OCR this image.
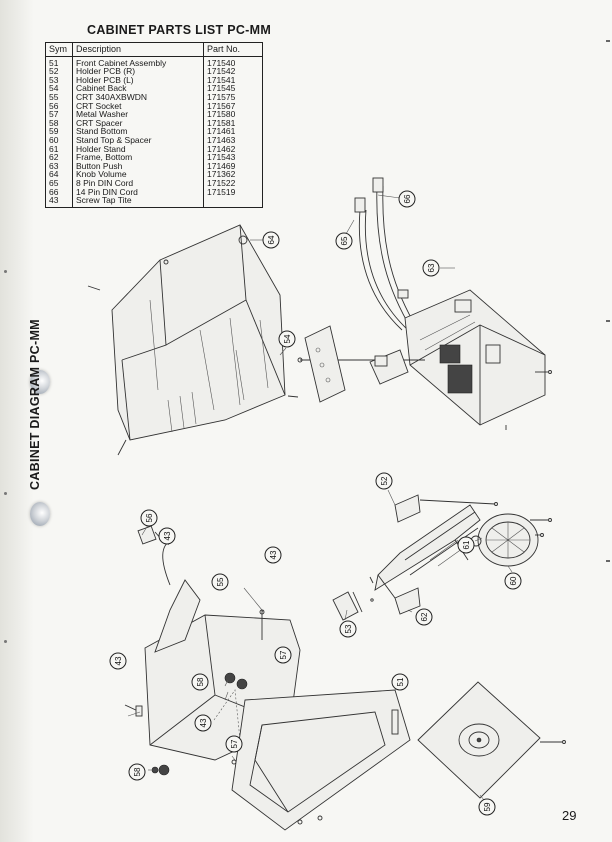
CABINET PARTS LIST PC-MM
Sym	Description	Part No.
51	Front Cabinet Assembly	171540
52	Holder PCB (R)	171542
53	Holder PCB (L)	171541
54	Cabinet Back	171545
55	CRT 340AXBWDN	171575
56	CRT Socket	171567
57	Metal Washer	171580
58	CRT Spacer	171581
59	Stand Bottom	171461
60	Stand Top & Spacer	171463
61	Holder Stand	171462
62	Frame, Bottom	171543
63	Button Push	171469
64	Knob Volume	171362
65	8 Pin DIN Cord	171522
66	14 Pin DIN Cord	171519
43	Screw Tap Tite	
CABINET DIAGRAM PC-MM
64
66
65
63
54
52
61
60
62
53
56
43
43
55
57
58
43
43
57
58
51
59
29
